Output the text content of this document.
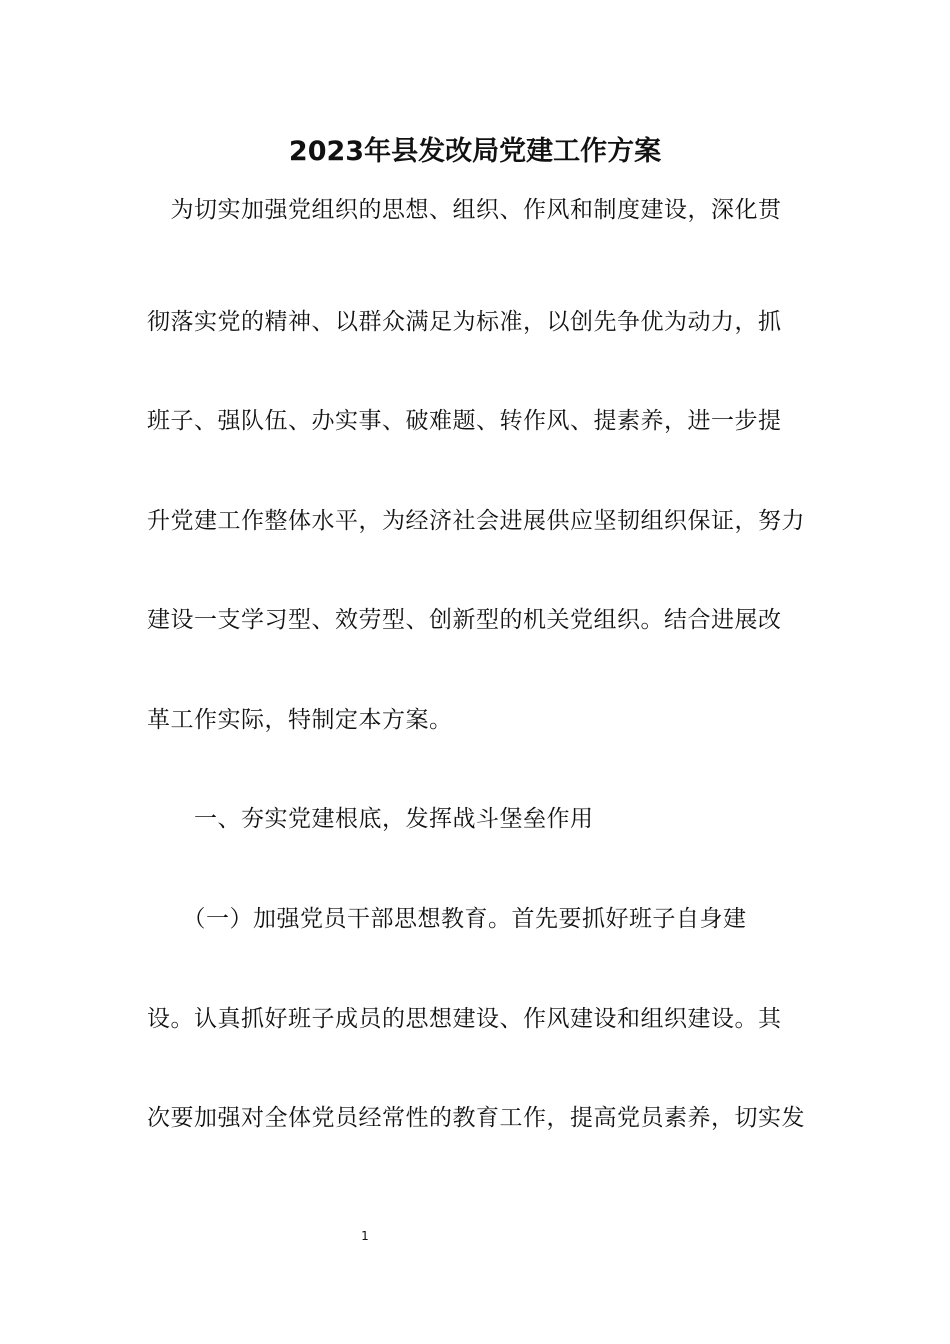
2023年县发改局党建工作方案
　为切实加强党组织的思想、组织、作风和制度建设，深化贯
彻落实党的精神、以群众满足为标准，以创先争优为动力，抓
班子、强队伍、办实事、破难题、转作风、提素养，进一步提
升党建工作整体水平，为经济社会进展供应坚韧组织保证，努力
建设一支学习型、效劳型、创新型的机关党组织。结合进展改
革工作实际，特制定本方案。
　　一、夯实党建根底，发挥战斗堡垒作用
　　（一）加强党员干部思想教育。首先要抓好班子自身建
设。认真抓好班子成员的思想建设、作风建设和组织建设。其
次要加强对全体党员经常性的教育工作，提高党员素养，切实发
1
